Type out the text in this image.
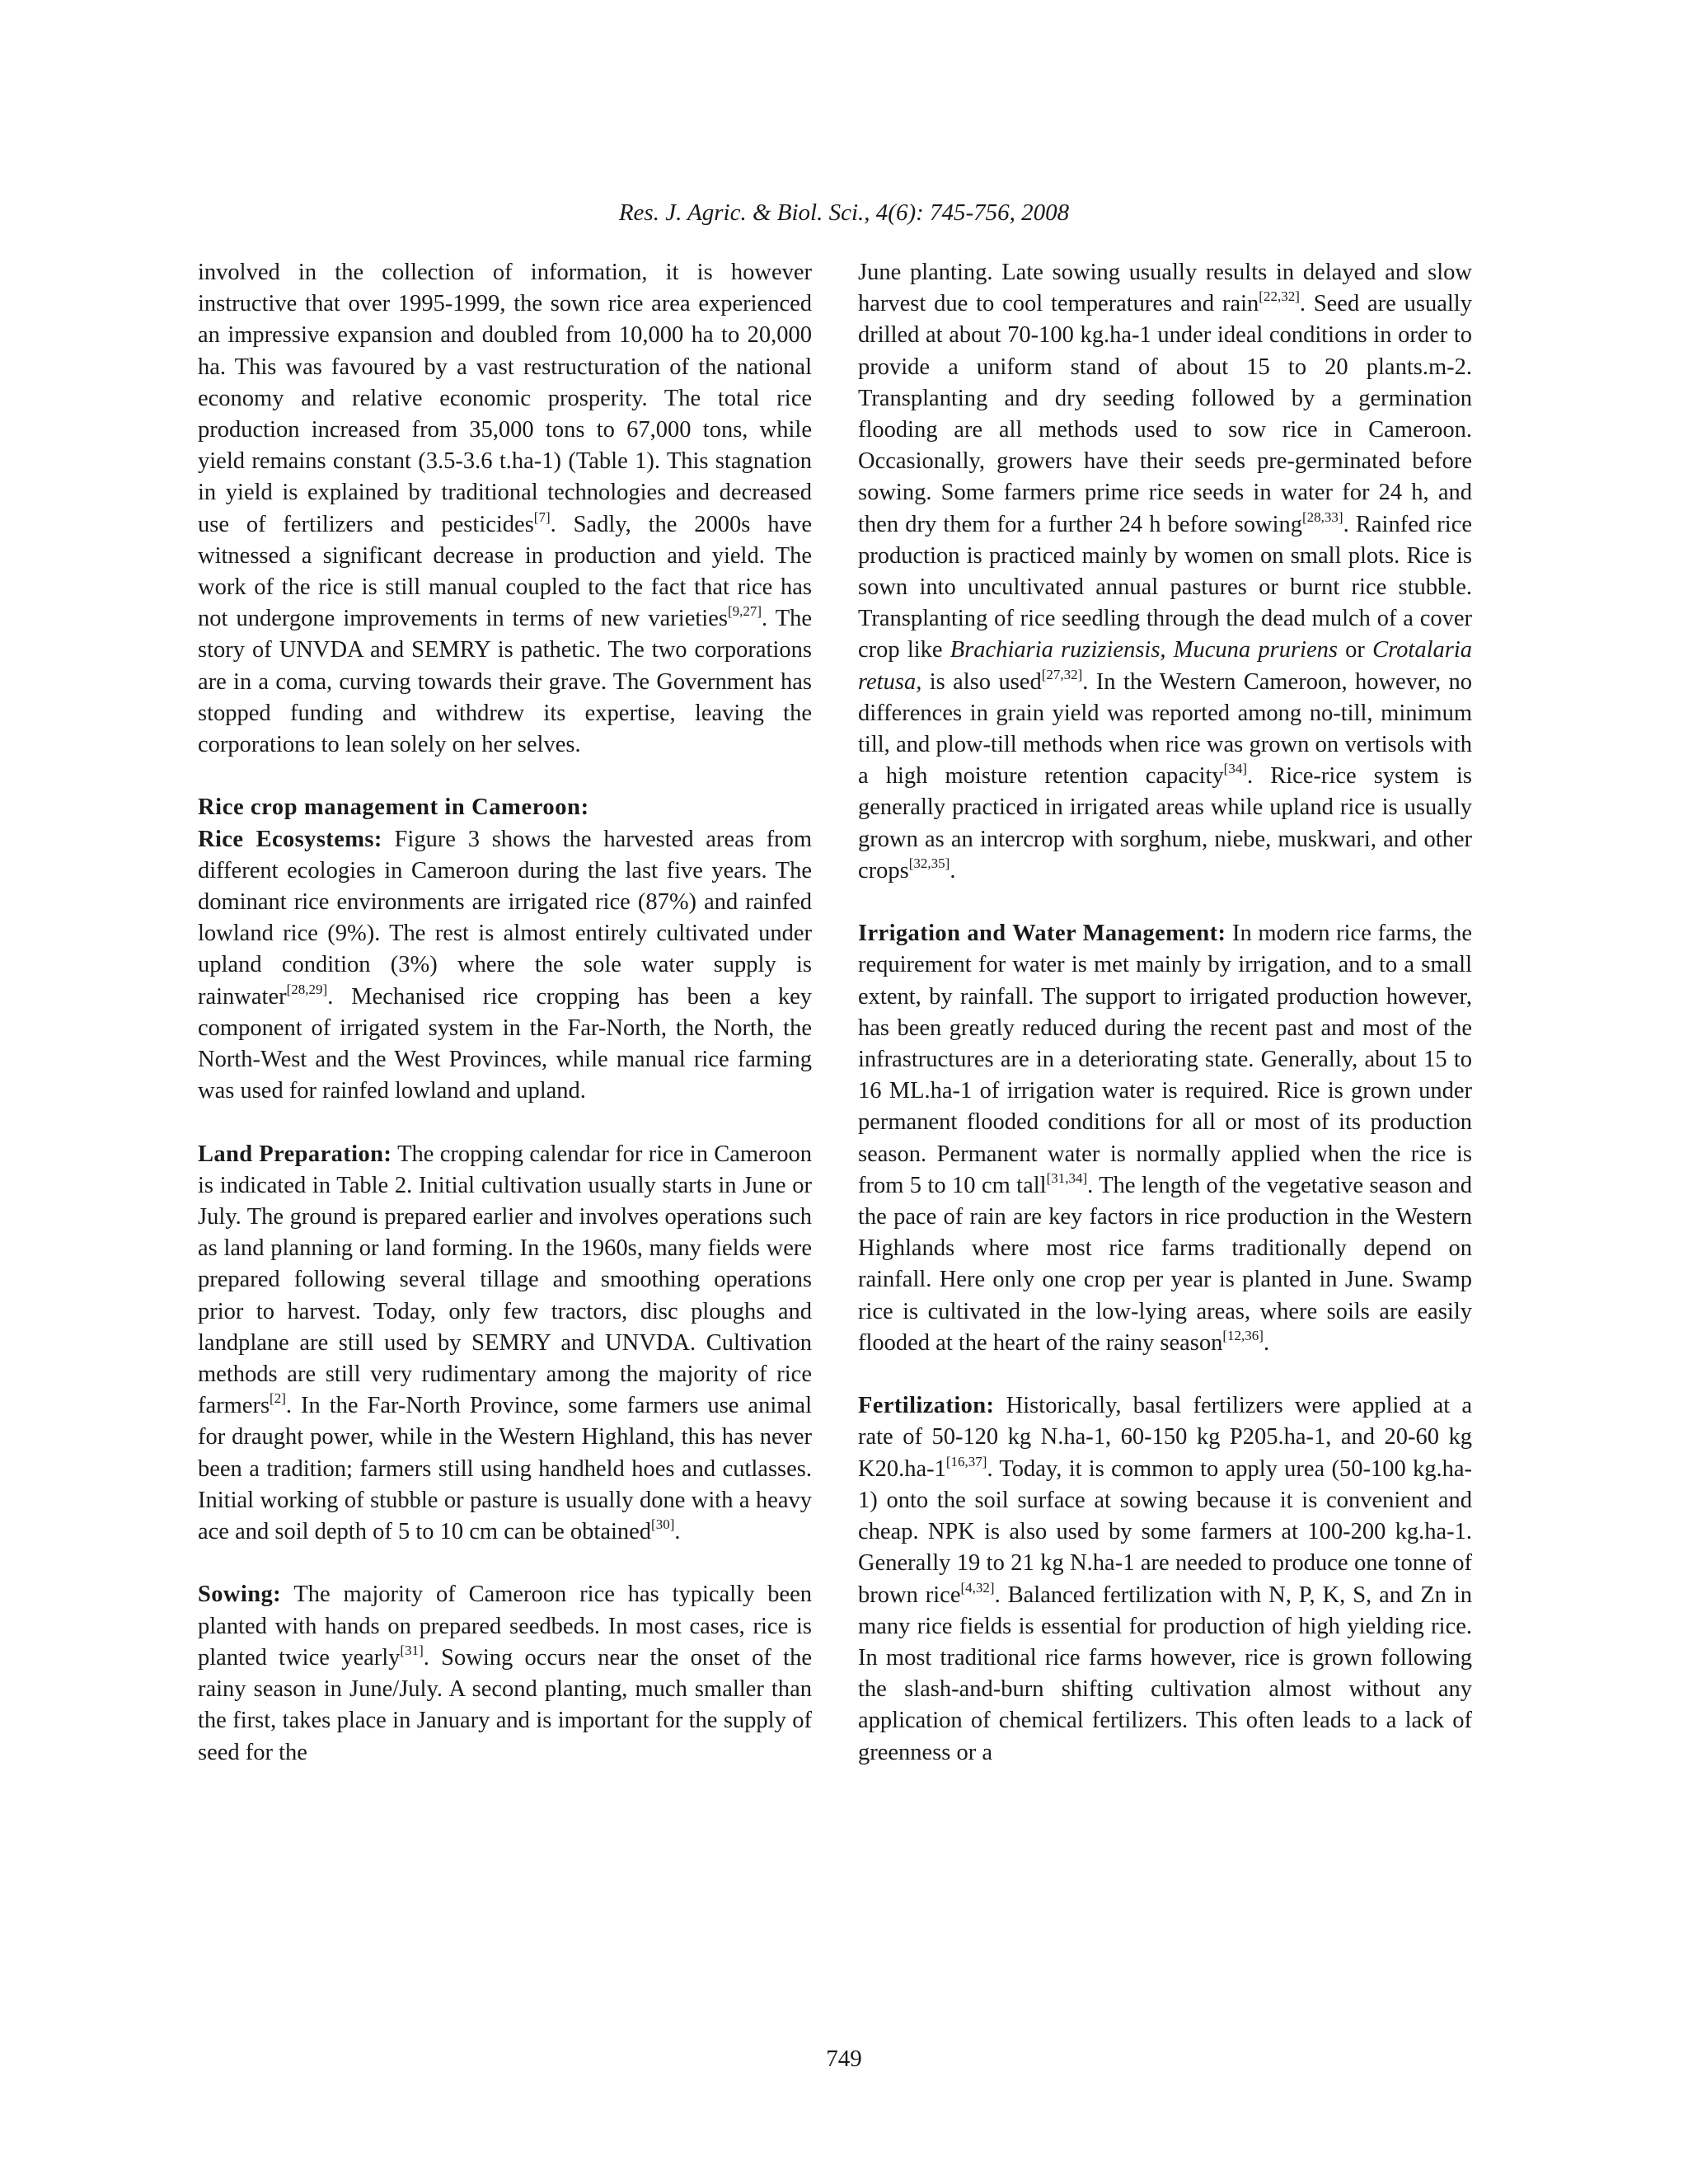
Res. J. Agric. & Biol. Sci., 4(6): 745-756, 2008

involved in the collection of information, it is however instructive that over 1995-1999, the sown rice area experienced an impressive expansion and doubled from 10,000 ha to 20,000 ha. This was favoured by a vast restructuration of the national economy and relative economic prosperity. The total rice production increased from 35,000 tons to 67,000 tons, while yield remains constant (3.5-3.6 t.ha-1) (Table 1). This stagnation in yield is explained by traditional technologies and decreased use of fertilizers and pesticides[7]. Sadly, the 2000s have witnessed a significant decrease in production and yield. The work of the rice is still manual coupled to the fact that rice has not undergone improvements in terms of new varieties[9,27]. The story of UNVDA and SEMRY is pathetic. The two corporations are in a coma, curving towards their grave. The Government has stopped funding and withdrew its expertise, leaving the corporations to lean solely on her selves.

Rice crop management in Cameroon:

Rice Ecosystems: Figure 3 shows the harvested areas from different ecologies in Cameroon during the last five years. The dominant rice environments are irrigated rice (87%) and rainfed lowland rice (9%). The rest is almost entirely cultivated under upland condition (3%) where the sole water supply is rainwater[28,29]. Mechanised rice cropping has been a key component of irrigated system in the Far-North, the North, the North-West and the West Provinces, while manual rice farming was used for rainfed lowland and upland.

Land Preparation: The cropping calendar for rice in Cameroon is indicated in Table 2. Initial cultivation usually starts in June or July. The ground is prepared earlier and involves operations such as land planning or land forming. In the 1960s, many fields were prepared following several tillage and smoothing operations prior to harvest. Today, only few tractors, disc ploughs and landplane are still used by SEMRY and UNVDA. Cultivation methods are still very rudimentary among the majority of rice farmers[2]. In the Far-North Province, some farmers use animal for draught power, while in the Western Highland, this has never been a tradition; farmers still using handheld hoes and cutlasses. Initial working of stubble or pasture is usually done with a heavy ace and soil depth of 5 to 10 cm can be obtained[30].

Sowing: The majority of Cameroon rice has typically been planted with hands on prepared seedbeds. In most cases, rice is planted twice yearly[31]. Sowing occurs near the onset of the rainy season in June/July. A second planting, much smaller than the first, takes place in January and is important for the supply of seed for the

June planting. Late sowing usually results in delayed and slow harvest due to cool temperatures and rain[22,32]. Seed are usually drilled at about 70-100 kg.ha-1 under ideal conditions in order to provide a uniform stand of about 15 to 20 plants.m-2. Transplanting and dry seeding followed by a germination flooding are all methods used to sow rice in Cameroon. Occasionally, growers have their seeds pre-germinated before sowing. Some farmers prime rice seeds in water for 24 h, and then dry them for a further 24 h before sowing[28,33]. Rainfed rice production is practiced mainly by women on small plots. Rice is sown into uncultivated annual pastures or burnt rice stubble. Transplanting of rice seedling through the dead mulch of a cover crop like Brachiaria ruziziensis, Mucuna pruriens or Crotalaria retusa, is also used[27,32]. In the Western Cameroon, however, no differences in grain yield was reported among no-till, minimum till, and plow-till methods when rice was grown on vertisols with a high moisture retention capacity[34]. Rice-rice system is generally practiced in irrigated areas while upland rice is usually grown as an intercrop with sorghum, niebe, muskwari, and other crops[32,35].

Irrigation and Water Management: In modern rice farms, the requirement for water is met mainly by irrigation, and to a small extent, by rainfall. The support to irrigated production however, has been greatly reduced during the recent past and most of the infrastructures are in a deteriorating state. Generally, about 15 to 16 ML.ha-1 of irrigation water is required. Rice is grown under permanent flooded conditions for all or most of its production season. Permanent water is normally applied when the rice is from 5 to 10 cm tall[31,34]. The length of the vegetative season and the pace of rain are key factors in rice production in the Western Highlands where most rice farms traditionally depend on rainfall. Here only one crop per year is planted in June. Swamp rice is cultivated in the low-lying areas, where soils are easily flooded at the heart of the rainy season[12,36].

Fertilization: Historically, basal fertilizers were applied at a rate of 50-120 kg N.ha-1, 60-150 kg P205.ha-1, and 20-60 kg K20.ha-1[16,37]. Today, it is common to apply urea (50-100 kg.ha-1) onto the soil surface at sowing because it is convenient and cheap. NPK is also used by some farmers at 100-200 kg.ha-1. Generally 19 to 21 kg N.ha-1 are needed to produce one tonne of brown rice[4,32]. Balanced fertilization with N, P, K, S, and Zn in many rice fields is essential for production of high yielding rice. In most traditional rice farms however, rice is grown following the slash-and-burn shifting cultivation almost without any application of chemical fertilizers. This often leads to a lack of greenness or a

749
